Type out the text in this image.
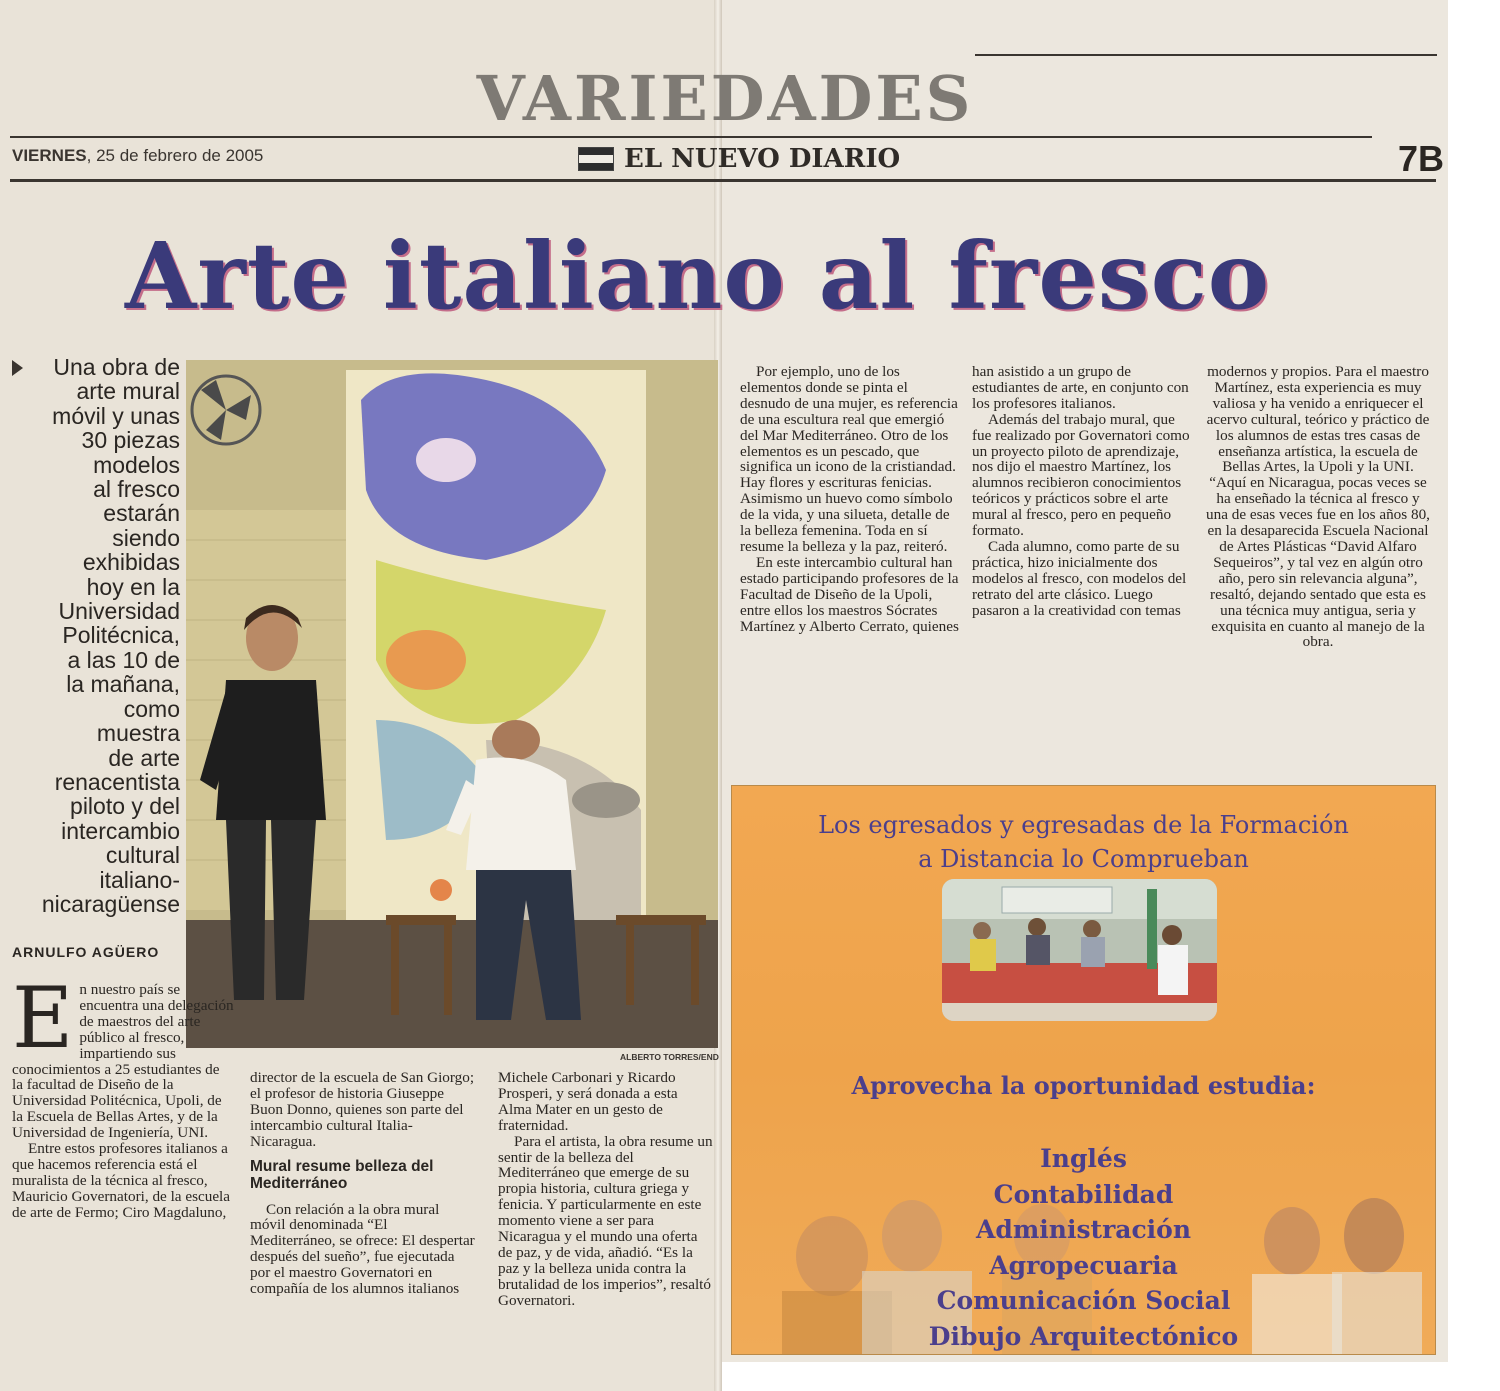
VARIEDADES
VIERNES, 25 de febrero de 2005	EL NUEVO DIARIO	7B
Arte italiano al fresco
Una obra de
arte mural
móvil y unas
30 piezas
modelos
al fresco
estarán
siendo
exhibidas
hoy en la
Universidad
Politécnica,
a las 10 de
la mañana,
como
muestra
de arte
renacentista
piloto y del
intercambio
cultural
italiano-
nicaragüense
ARNULFO AGÜERO
ALBERTO TORRES/END
E n nuestro país se encuentra una delegación de maestros del arte público al fresco, impartiendo sus conocimientos a 25 estudiantes de la facultad de Diseño de la Universidad Politécnica, Upoli, de la Escuela de Bellas Artes, y de la Universidad de Ingeniería, UNI.

Entre estos profesores italianos a que hacemos referencia está el muralista de la técnica al fresco, Mauricio Governatori, de la escuela de arte de Fermo; Ciro Magdaluno,

director de la escuela de San Giorgo; el profesor de historia Giuseppe Buon Donno, quienes son parte del intercambio cultural Italia-Nicaragua.

Mural resume belleza del Mediterráneo

Con relación a la obra mural móvil denominada “El Mediterráneo, se ofrece: El despertar después del sueño”, fue ejecutada por el maestro Governatori en compañía de los alumnos italianos

Michele Carbonari y Ricardo Prosperi, y será donada a esta Alma Mater en un gesto de fraternidad.

Para el artista, la obra resume un sentir de la belleza del Mediterráneo que emerge de su propia historia, cultura griega y fenicia. Y particularmente en este momento viene a ser para Nicaragua y el mundo una oferta de paz, y de vida, añadió. “Es la paz y la belleza unida contra la brutalidad de los imperios”, resaltó Governatori.

Por ejemplo, uno de los elementos donde se pinta el desnudo de una mujer, es referencia de una escultura real que emergió del Mar Mediterráneo. Otro de los elementos es un pescado, que significa un icono de la cristiandad. Hay flores y escrituras fenicias. Asimismo un huevo como símbolo de la vida, y una silueta, detalle de la belleza femenina. Toda en sí resume la belleza y la paz, reiteró.

En este intercambio cultural han estado participando profesores de la Facultad de Diseño de la Upoli, entre ellos los maestros Sócrates Martínez y Alberto Cerrato, quienes

han asistido a un grupo de estudiantes de arte, en conjunto con los profesores italianos.

Además del trabajo mural, que fue realizado por Governatori como un proyecto piloto de aprendizaje, nos dijo el maestro Martínez, los alumnos recibieron conocimientos teóricos y prácticos sobre el arte mural al fresco, pero en pequeño formato.

Cada alumno, como parte de su práctica, hizo inicialmente dos modelos al fresco, con modelos del retrato del arte clásico. Luego pasaron a la creatividad con temas

modernos y propios. Para el maestro Martínez, esta experiencia es muy valiosa y ha venido a enriquecer el acervo cultural, teórico y práctico de los alumnos de estas tres casas de enseñanza artística, la escuela de Bellas Artes, la Upoli y la UNI.

“Aquí en Nicaragua, pocas veces se ha enseñado la técnica al fresco y una de esas veces fue en los años 80, en la desaparecida Escuela Nacional de Artes Plásticas “David Alfaro Sequeiros”, y tal vez en algún otro año, pero sin relevancia alguna”, resaltó, dejando sentado que esta es una técnica muy antigua, seria y exquisita en cuanto al manejo de la obra.

Los egresados y egresadas de la Formación
a Distancia lo Comprueban
Aprovecha la oportunidad estudia:
Inglés
Contabilidad
Administración
Agropecuaria
Comunicación Social
Dibujo Arquitectónico
